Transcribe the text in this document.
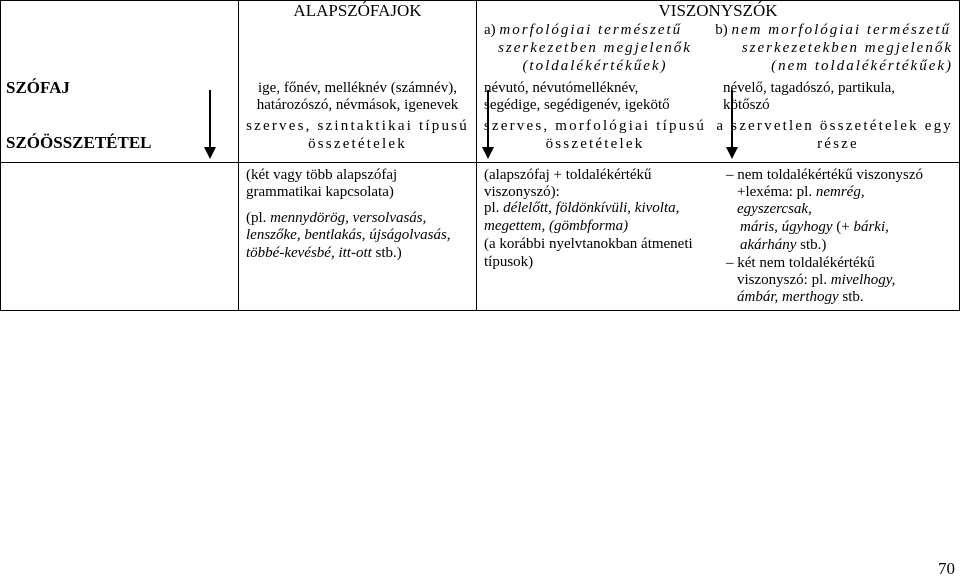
ALAPSZÓFAJOK	VISZONYSZÓK
a) morfológiai természetű
szerkezetben megjelenők
(toldalékértékűek)
b) nem morfológiai természetű
szerkezetekben megjelenők
(nem toldalékértékűek)
SZÓFAJ
SZÓÖSSZETÉTEL
ige, főnév, melléknév (számnév),
határozószó, névmások, igenevek
névutó, névutómelléknév,
segédige, segédigenév, igekötő
névelő, tagadószó, partikula,
kötőszó
szerves, szintaktikai típusú
összetételek
szerves, morfológiai típusú
összetételek
a szervetlen összetételek egy
része
(két vagy több alapszófaj
grammatikai kapcsolata)
(pl. mennydörög, versolvasás,
lenszőke, bentlakás, újságolvasás,
többé-kevésbé, itt-ott stb.)
(alapszófaj + toldalékértékű
viszonyszó):
pl. délelőtt, földönkívüli, kivolta,
megettem, (gömbforma)
(a korábbi nyelvtanokban átmeneti
típusok)
– nem toldalékértékű viszonyszó
+lexéma: pl. nemrég,
egyszercsak,
máris, úgyhogy (+ bárki,
akárhány stb.)
– két nem toldalékértékű
viszonyszó: pl. mivelhogy,
ámbár, merthogy stb.
70
